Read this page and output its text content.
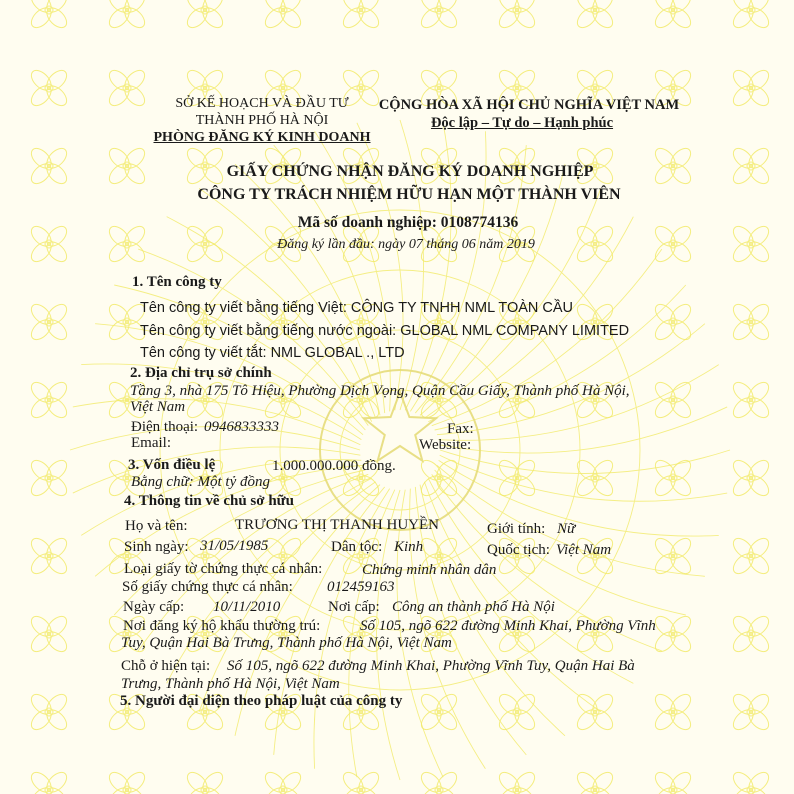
SỞ KẾ HOẠCH VÀ ĐẦU TƯ
THÀNH PHỐ HÀ NỘI
PHÒNG ĐĂNG KÝ KINH DOANH
CỘNG HÒA XÃ HỘI CHỦ NGHĨA VIỆT NAM
Độc lập – Tự do – Hạnh phúc
GIẤY CHỨNG NHẬN ĐĂNG KÝ DOANH NGHIỆP
CÔNG TY TRÁCH NHIỆM HỮU HẠN MỘT THÀNH VIÊN
Mã số doanh nghiệp: 0108774136
Đăng ký lần đầu: ngày 07 tháng 06 năm 2019
1. Tên công ty
Tên công ty viết bằng tiếng Việt: CÔNG TY TNHH NML TOÀN CẦU
Tên công ty viết bằng tiếng nước ngoài: GLOBAL NML COMPANY LIMITED
Tên công ty viết tắt: NML GLOBAL ., LTD
2. Địa chỉ trụ sở chính
Tầng 3, nhà 175 Tô Hiệu, Phường Dịch Vọng, Quận Cầu Giấy, Thành phố Hà Nội,
Việt Nam
Điện thoại: 0946833333	Fax:
Email:	Website:
3. Vốn điều lệ	1.000.000.000 đồng.
Bằng chữ: Một tỷ đồng
4. Thông tin về chủ sở hữu
Họ và tên:	TRƯƠNG THỊ THANH HUYỀN	Giới tính: Nữ
Sinh ngày: 31/05/1985	Dân tộc: Kinh	Quốc tịch: Việt Nam
Loại giấy tờ chứng thực cá nhân:	Chứng minh nhân dân
Số giấy chứng thực cá nhân: 012459163
Ngày cấp: 10/11/2010	Nơi cấp: Công an thành phố Hà Nội
Nơi đăng ký hộ khẩu thường trú:	Số 105, ngõ 622 đường Minh Khai, Phường Vĩnh
Tuy, Quận Hai Bà Trưng, Thành phố Hà Nội, Việt Nam
Chỗ ở hiện tại: Số 105, ngõ 622 đường Minh Khai, Phường Vĩnh Tuy, Quận Hai Bà
Trưng, Thành phố Hà Nội, Việt Nam
5. Người đại diện theo pháp luật của công ty
